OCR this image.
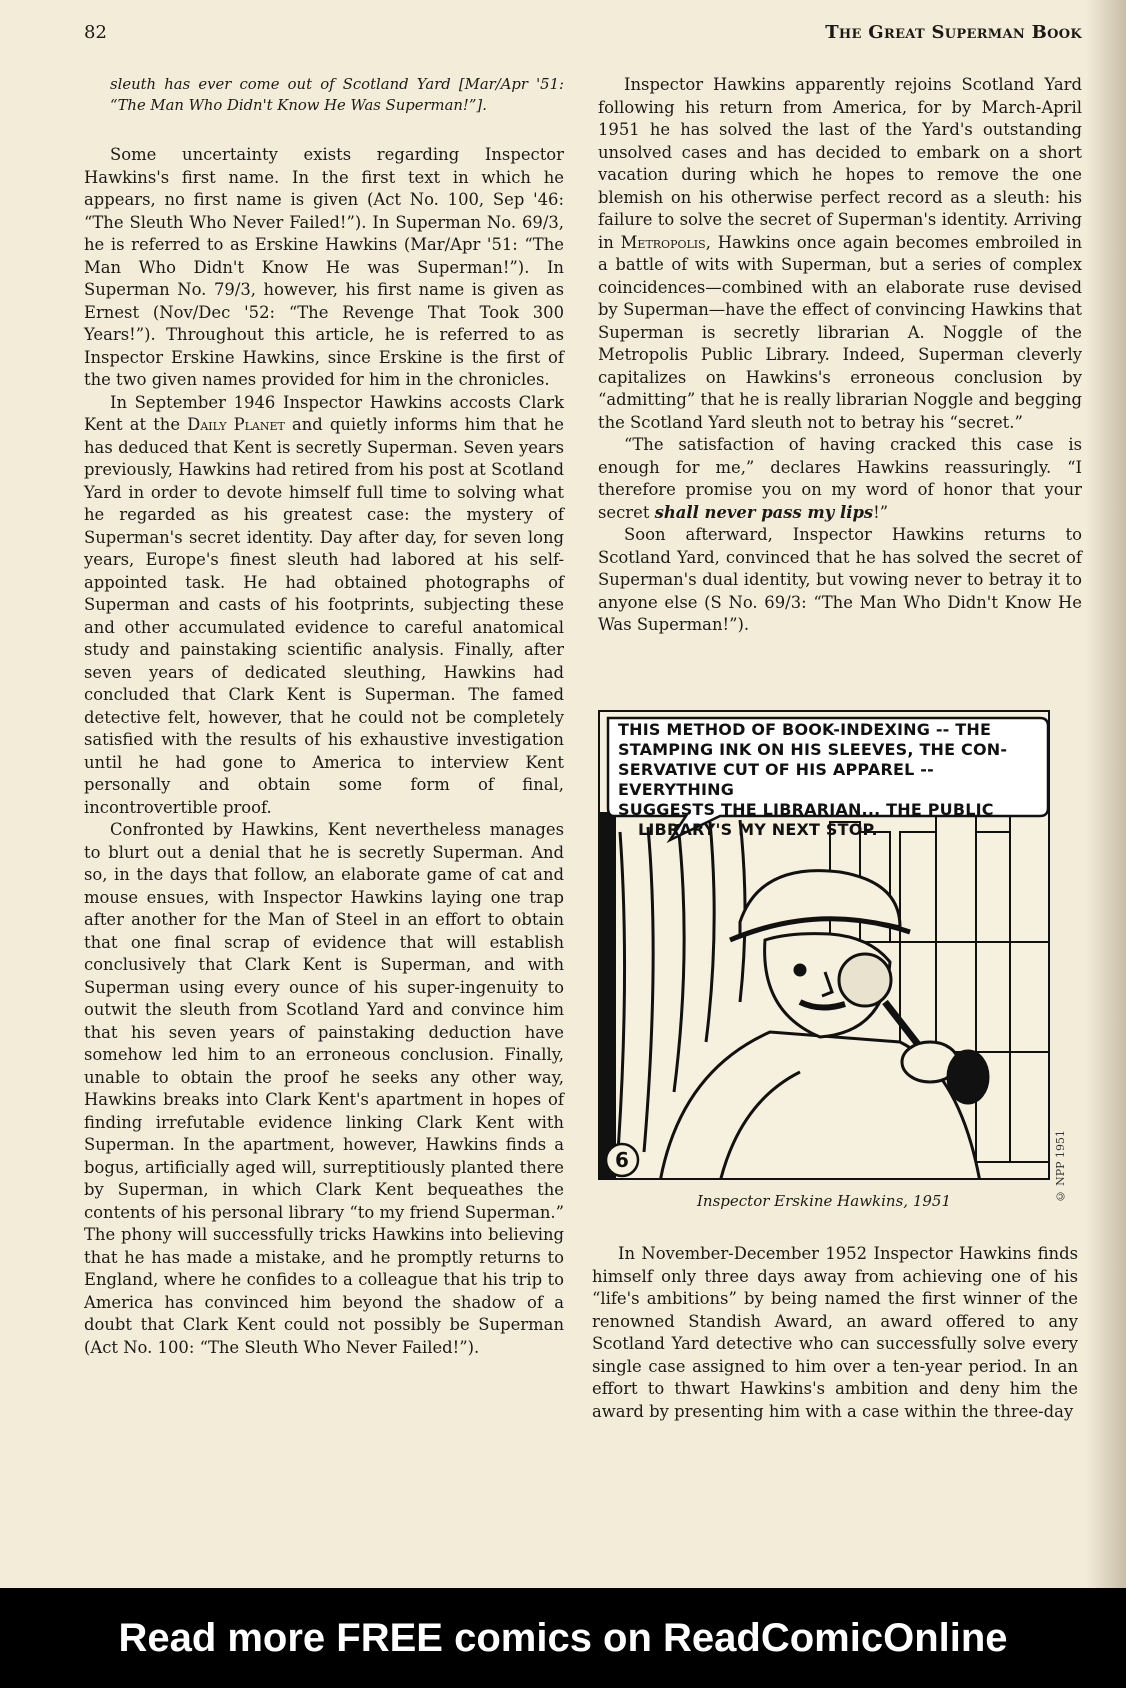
82	The Great Superman Book

sleuth has ever come out of Scotland Yard [Mar/Apr '51: “The Man Who Didn't Know He Was Superman!”].

Some uncertainty exists regarding Inspector Hawkins's first name. In the first text in which he appears, no first name is given (Act No. 100, Sep '46: “The Sleuth Who Never Failed!”). In Superman No. 69/3, he is referred to as Erskine Hawkins (Mar/Apr '51: “The Man Who Didn't Know He was Superman!”). In Superman No. 79/3, however, his first name is given as Ernest (Nov/Dec '52: “The Revenge That Took 300 Years!”). Throughout this article, he is referred to as Inspector Erskine Hawkins, since Erskine is the first of the two given names provided for him in the chronicles.

In September 1946 Inspector Hawkins accosts Clark Kent at the Daily Planet and quietly informs him that he has deduced that Kent is secretly Superman. Seven years previously, Hawkins had retired from his post at Scotland Yard in order to devote himself full time to solving what he regarded as his greatest case: the mystery of Superman's secret identity. Day after day, for seven long years, Europe's finest sleuth had labored at his self-appointed task. He had obtained photographs of Superman and casts of his footprints, subjecting these and other accumulated evidence to careful anatomical study and painstaking scientific analysis. Finally, after seven years of dedicated sleuthing, Hawkins had concluded that Clark Kent is Superman. The famed detective felt, however, that he could not be completely satisfied with the results of his exhaustive investigation until he had gone to America to interview Kent personally and obtain some form of final, incontrovertible proof.

Confronted by Hawkins, Kent nevertheless manages to blurt out a denial that he is secretly Superman. And so, in the days that follow, an elaborate game of cat and mouse ensues, with Inspector Hawkins laying one trap after another for the Man of Steel in an effort to obtain that one final scrap of evidence that will establish conclusively that Clark Kent is Superman, and with Superman using every ounce of his super-ingenuity to outwit the sleuth from Scotland Yard and convince him that his seven years of painstaking deduction have somehow led him to an erroneous conclusion. Finally, unable to obtain the proof he seeks any other way, Hawkins breaks into Clark Kent's apartment in hopes of finding irrefutable evidence linking Clark Kent with Superman. In the apartment, however, Hawkins finds a bogus, artificially aged will, surreptitiously planted there by Superman, in which Clark Kent bequeathes the contents of his personal library “to my friend Superman.” The phony will successfully tricks Hawkins into believing that he has made a mistake, and he promptly returns to England, where he confides to a colleague that his trip to America has convinced him beyond the shadow of a doubt that Clark Kent could not possibly be Superman (Act No. 100: “The Sleuth Who Never Failed!”).

Inspector Hawkins apparently rejoins Scotland Yard following his return from America, for by March-April 1951 he has solved the last of the Yard's outstanding unsolved cases and has decided to embark on a short vacation during which he hopes to remove the one blemish on his otherwise perfect record as a sleuth: his failure to solve the secret of Superman's identity. Arriving in Metropolis, Hawkins once again becomes embroiled in a battle of wits with Superman, but a series of complex coincidences—combined with an elaborate ruse devised by Superman—have the effect of convincing Hawkins that Superman is secretly librarian A. Noggle of the Metropolis Public Library. Indeed, Superman cleverly capitalizes on Hawkins's erroneous conclusion by “admitting” that he is really librarian Noggle and begging the Scotland Yard sleuth not to betray his “secret.”

“The satisfaction of having cracked this case is enough for me,” declares Hawkins reassuringly. “I therefore promise you on my word of honor that your secret shall never pass my lips!”

Soon afterward, Inspector Hawkins returns to Scotland Yard, convinced that he has solved the secret of Superman's dual identity, but vowing never to betray it to anyone else (S No. 69/3: “The Man Who Didn't Know He Was Superman!”).

6
THIS METHOD OF BOOK-INDEXING -- THE
STAMPING INK ON HIS SLEEVES, THE CON-
SERVATIVE CUT OF HIS APPAREL -- EVERYTHING
SUGGESTS THE LIBRARIAN... THE PUBLIC
LIBRARY'S MY NEXT STOP.
© NPP 1951
Inspector Erskine Hawkins, 1951

In November-December 1952 Inspector Hawkins finds himself only three days away from achieving one of his “life's ambitions” by being named the first winner of the renowned Standish Award, an award offered to any Scotland Yard detective who can successfully solve every single case assigned to him over a ten-year period. In an effort to thwart Hawkins's ambition and deny him the award by presenting him with a case within the three-day

Read more FREE comics on ReadComicOnline
